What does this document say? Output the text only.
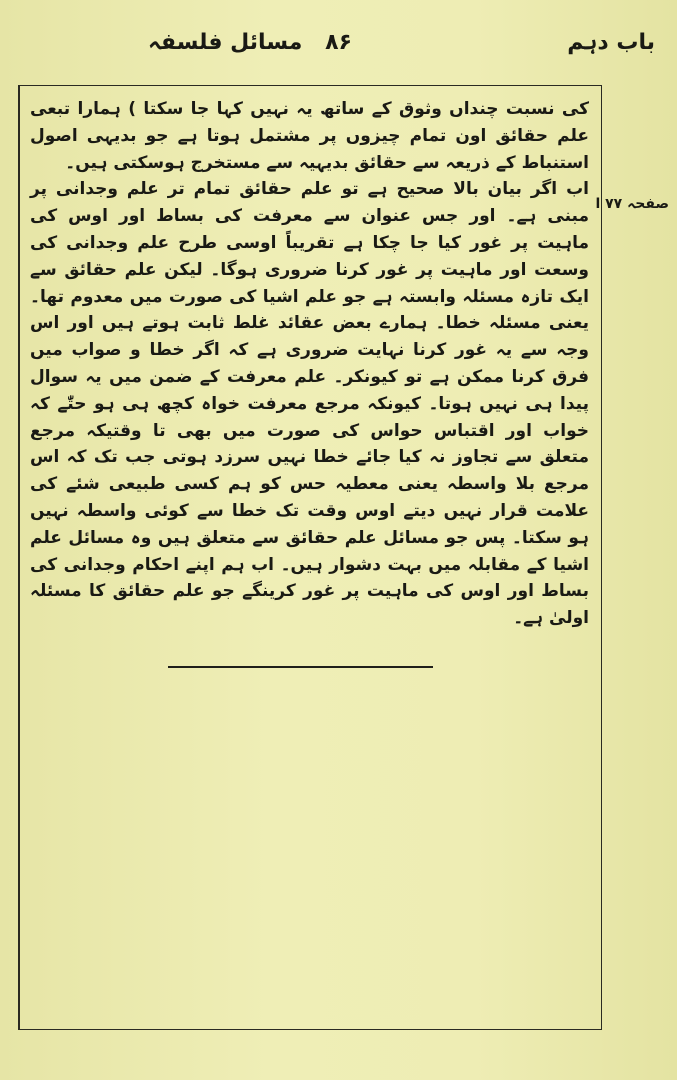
باب دہم
۸۶
مسائل فلسفہ

کی نسبت چنداں وثوق کے ساتھ یہ نہیں کہا جا سکتا ) ہمارا تبعی علم حقائق اون تمام چیزوں پر مشتمل ہوتا ہے جو بدیہی اصول استنباط کے ذریعہ سے حقائق بدیہیہ سے مستخرج ہوسکتی ہیں۔

اب اگر بیان بالا صحیح ہے تو علم حقائق تمام تر علم وجدانی پر مبنی ہے۔ اور جس عنوان سے معرفت کی بساط اور اوس کی ماہیت پر غور کیا جا چکا ہے تقریباً اوسی طرح علم وجدانی کی وسعت اور ماہیت پر غور کرنا ضروری ہوگا۔ لیکن علم حقائق سے ایک تازہ مسئلہ وابستہ ہے جو علم اشیا کی صورت میں معدوم تھا۔ یعنی مسئلہ خطا۔ ہمارے بعض عقائد غلط ثابت ہوتے ہیں اور اس وجہ سے یہ غور کرنا نہایت ضروری ہے کہ اگر خطا و صواب میں فرق کرنا ممکن ہے تو کیونکر۔ علم معرفت کے ضمن میں یہ سوال پیدا ہی نہیں ہوتا۔ کیونکہ مرجع معرفت خواہ کچھ ہی ہو حتّٰے کہ خواب اور اقتباس حواس کی صورت میں بھی تا وقتیکہ مرجع متعلق سے تجاوز نہ کیا جائے خطا نہیں سرزد ہوتی جب تک کہ اس مرجع بلا واسطہ یعنی معطیہ حس کو ہم کسی طبیعی شئے کی علامت قرار نہیں دیتے اوس وقت تک خطا سے کوئی واسطہ نہیں ہو سکتا۔ پس جو مسائل علم حقائق سے متعلق ہیں وہ مسائل علم اشیا کے مقابلہ میں بہت دشوار ہیں۔ اب ہم اپنے احکام وجدانی کی بساط اور اوس کی ماہیت پر غور کرینگے جو علم حقائق کا مسئلہ اولیٰ ہے۔

صفحہ ۷۷ ا
